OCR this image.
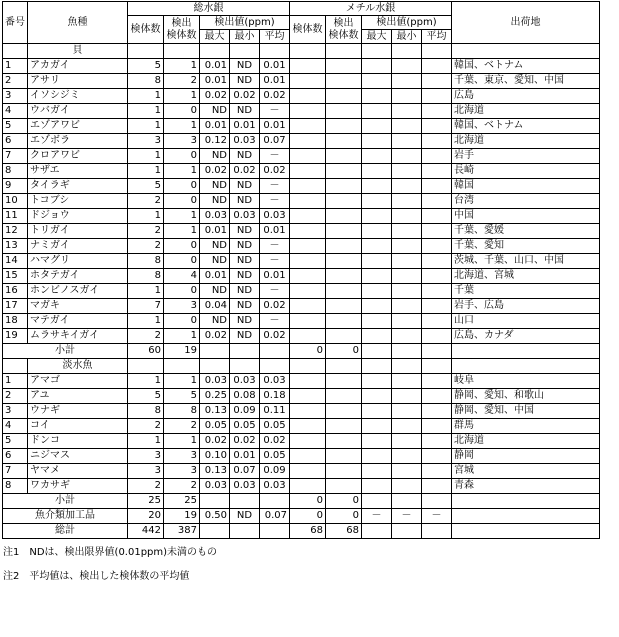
番号	魚種	総水銀					メチル水銀					出荷地
		検体数	検出
検体数	検出値(ppm)			検体数	検出
検体数	検出値(ppm)			
				最大	最小	平均			最大	最小	平均	
	貝											
1	アカガイ	5	1	0.01	ND	0.01						韓国、ベトナム
2	アサリ	8	2	0.01	ND	0.01						千葉、東京、愛知、中国
3	イソシジミ	1	1	0.02	0.02	0.02						広島
4	ウバガイ	1	0	ND	ND	－						北海道
5	エゾアワビ	1	1	0.01	0.01	0.01						韓国、ベトナム
6	エゾボラ	3	3	0.12	0.03	0.07						北海道
7	クロアワビ	1	0	ND	ND	－						岩手
8	サザエ	1	1	0.02	0.02	0.02						長崎
9	タイラギ	5	0	ND	ND	－						韓国
10	トコブシ	2	0	ND	ND	－						台湾
11	ドジョウ	1	1	0.03	0.03	0.03						中国
12	トリガイ	2	1	0.01	ND	0.01						千葉、愛媛
13	ナミガイ	2	0	ND	ND	－						千葉、愛知
14	ハマグリ	8	0	ND	ND	－						茨城、千葉、山口、中国
15	ホタテガイ	8	4	0.01	ND	0.01						北海道、宮城
16	ホンビノスガイ	1	0	ND	ND	－						千葉
17	マガキ	7	3	0.04	ND	0.02						岩手、広島
18	マテガイ	1	0	ND	ND	－						山口
19	ムラサキイガイ	2	1	0.02	ND	0.02						広島、カナダ
小計		60	19				0	0				
	淡水魚											
1	アマゴ	1	1	0.03	0.03	0.03						岐阜
2	アユ	5	5	0.25	0.08	0.18						静岡、愛知、和歌山
3	ウナギ	8	8	0.13	0.09	0.11						静岡、愛知、中国
4	コイ	2	2	0.05	0.05	0.05						群馬
5	ドンコ	1	1	0.02	0.02	0.02						北海道
6	ニジマス	3	3	0.10	0.01	0.05						静岡
7	ヤマメ	3	3	0.13	0.07	0.09						宮城
8	ワカサギ	2	2	0.03	0.03	0.03						青森
小計		25	25				0	0				
魚介類加工品		20	19	0.50	ND	0.07	0	0	－	－	－	
総計		442	387				68	68				
注1　NDは、検出限界値(0.01ppm)未満のもの
注2　平均値は、検出した検体数の平均値
